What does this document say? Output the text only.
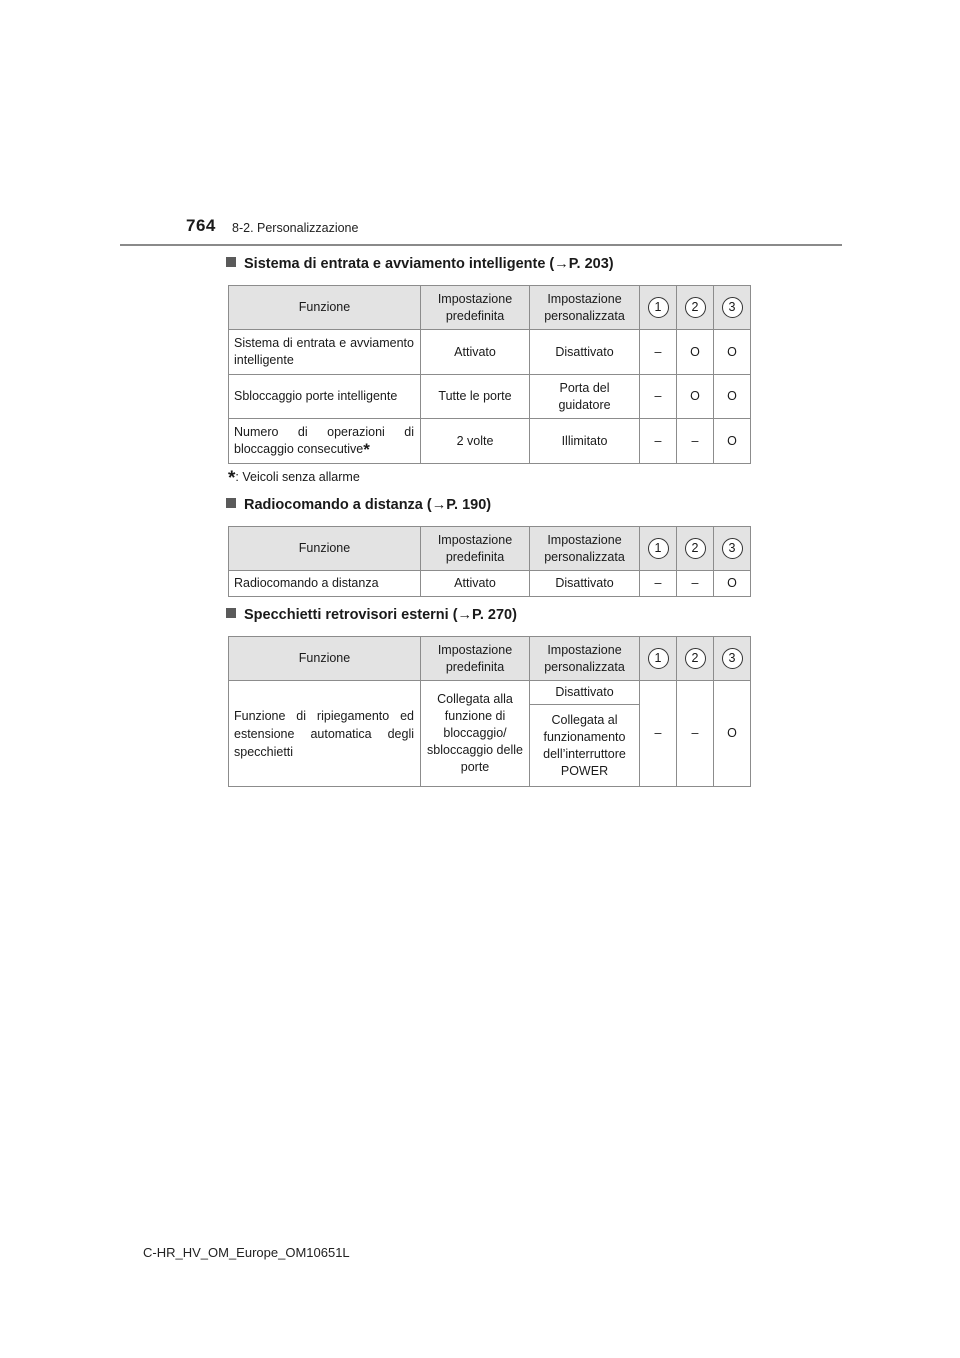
764 8-2. Personalizzazione
Sistema di entrata e avviamento intelligente (→P. 203)
Funzione	Impostazione predefinita	Impostazione personalizzata	1	2	3
Sistema di entrata e avviamento intelligente	Attivato	Disattivato	–	O	O
Sbloccaggio porte intelligente	Tutte le porte	Porta del guidatore	–	O	O
Numero di operazioni di bloccaggio consecutive*	2 volte	Illimitato	–	–	O
*: Veicoli senza allarme
Radiocomando a distanza (→P. 190)
Funzione	Impostazione predefinita	Impostazione personalizzata	1	2	3
Radiocomando a distanza	Attivato	Disattivato	–	–	O
Specchietti retrovisori esterni (→P. 270)
Funzione	Impostazione predefinita	Impostazione personalizzata	1	2	3
Funzione di ripiegamento ed estensione automatica degli specchietti	Collegata alla funzione di bloccaggio/ sbloccaggio delle porte	Disattivato	–	–	O
		Collegata al funzionamento dell’interruttore POWER			
C-HR_HV_OM_Europe_OM10651L
